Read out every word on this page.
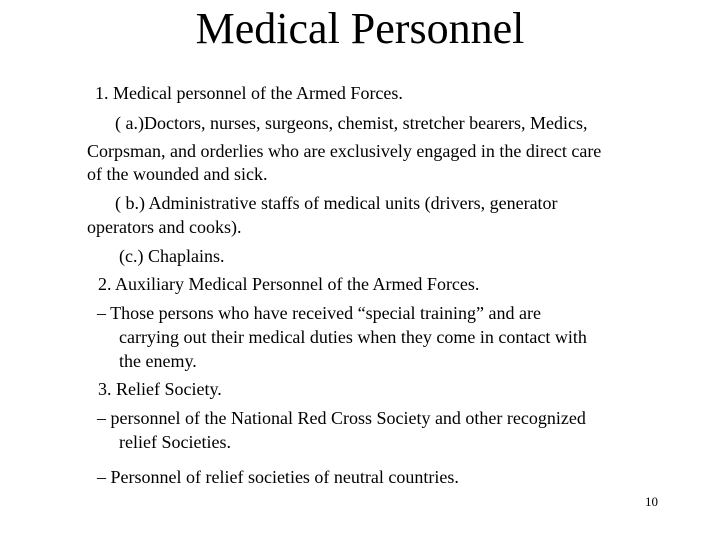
Medical Personnel
1. Medical personnel of the Armed Forces.
( a.)Doctors, nurses, surgeons, chemist, stretcher bearers, Medics,
Corpsman, and orderlies who are exclusively engaged in the direct care
of the wounded and sick.
( b.) Administrative staffs of medical units (drivers, generator
operators and cooks).
(c.) Chaplains.
2. Auxiliary Medical Personnel of the Armed Forces.
– Those persons who have received “special training” and are
carrying out their medical duties when they come in contact with
the enemy.
3. Relief Society.
– personnel of the National Red Cross Society and other recognized
relief Societies.
– Personnel of relief societies of neutral countries.
10
